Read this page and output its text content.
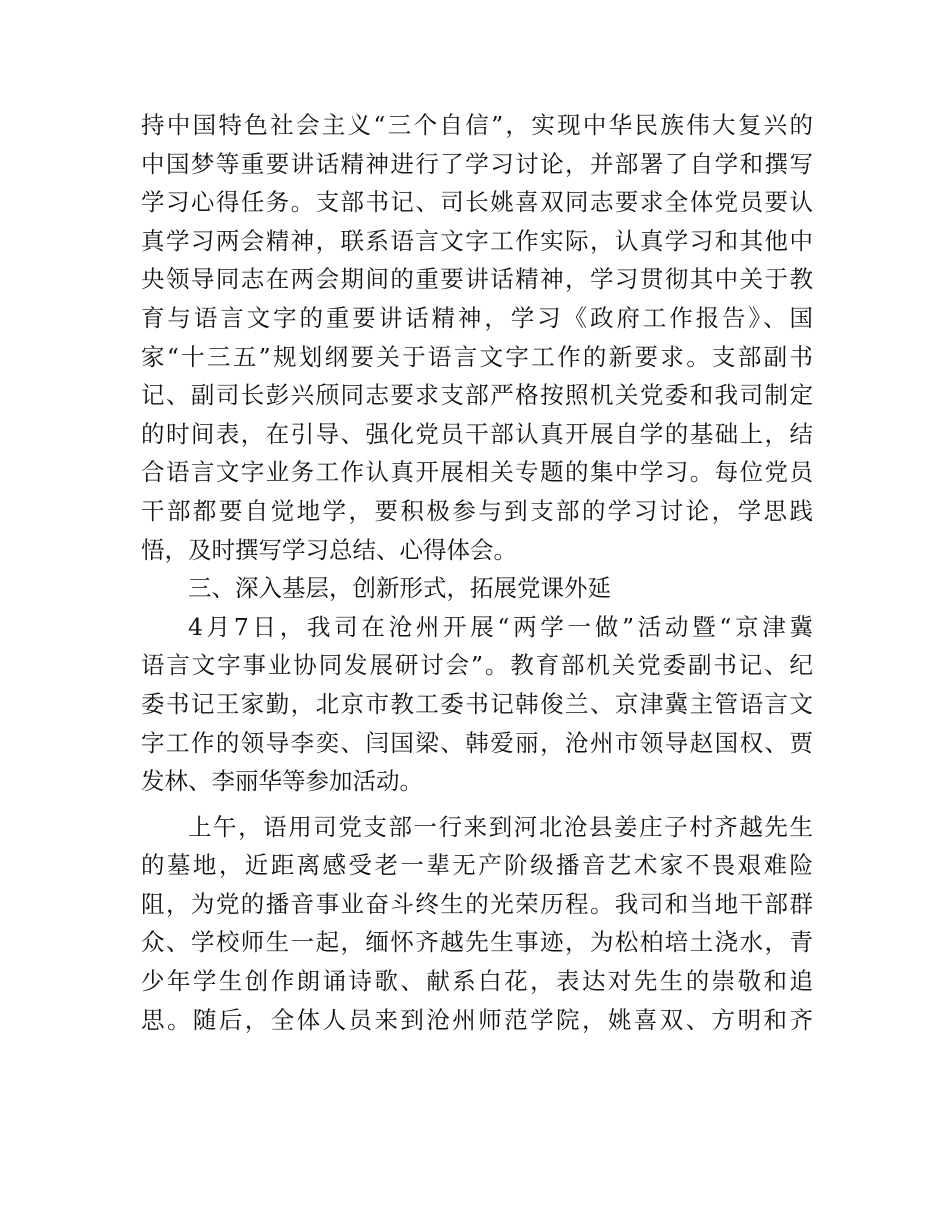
持中国特色社会主义“三个自信”，实现中华民族伟大复兴的
中国梦等重要讲话精神进行了学习讨论，并部署了自学和撰写
学习心得任务。支部书记、司长姚喜双同志要求全体党员要认
真学习两会精神，联系语言文字工作实际，认真学习和其他中
央领导同志在两会期间的重要讲话精神，学习贯彻其中关于教
育与语言文字的重要讲话精神，学习《政府工作报告》、国
家“十三五”规划纲要关于语言文字工作的新要求。支部副书
记、副司长彭兴颀同志要求支部严格按照机关党委和我司制定
的时间表，在引导、强化党员干部认真开展自学的基础上，结
合语言文字业务工作认真开展相关专题的集中学习。每位党员
干部都要自觉地学，要积极参与到支部的学习讨论，学思践
悟，及时撰写学习总结、心得体会。
三、深入基层，创新形式，拓展党课外延
4月7日，我司在沧州开展“两学一做”活动暨“京津冀
语言文字事业协同发展研讨会”。教育部机关党委副书记、纪
委书记王家勤，北京市教工委书记韩俊兰、京津冀主管语言文
字工作的领导李奕、闫国梁、韩爱丽，沧州市领导赵国权、贾
发林、李丽华等参加活动。
上午，语用司党支部一行来到河北沧县姜庄子村齐越先生
的墓地，近距离感受老一辈无产阶级播音艺术家不畏艰难险
阻，为党的播音事业奋斗终生的光荣历程。我司和当地干部群
众、学校师生一起，缅怀齐越先生事迹，为松柏培土浇水，青
少年学生创作朗诵诗歌、献系白花，表达对先生的崇敬和追
思。随后，全体人员来到沧州师范学院，姚喜双、方明和齐
